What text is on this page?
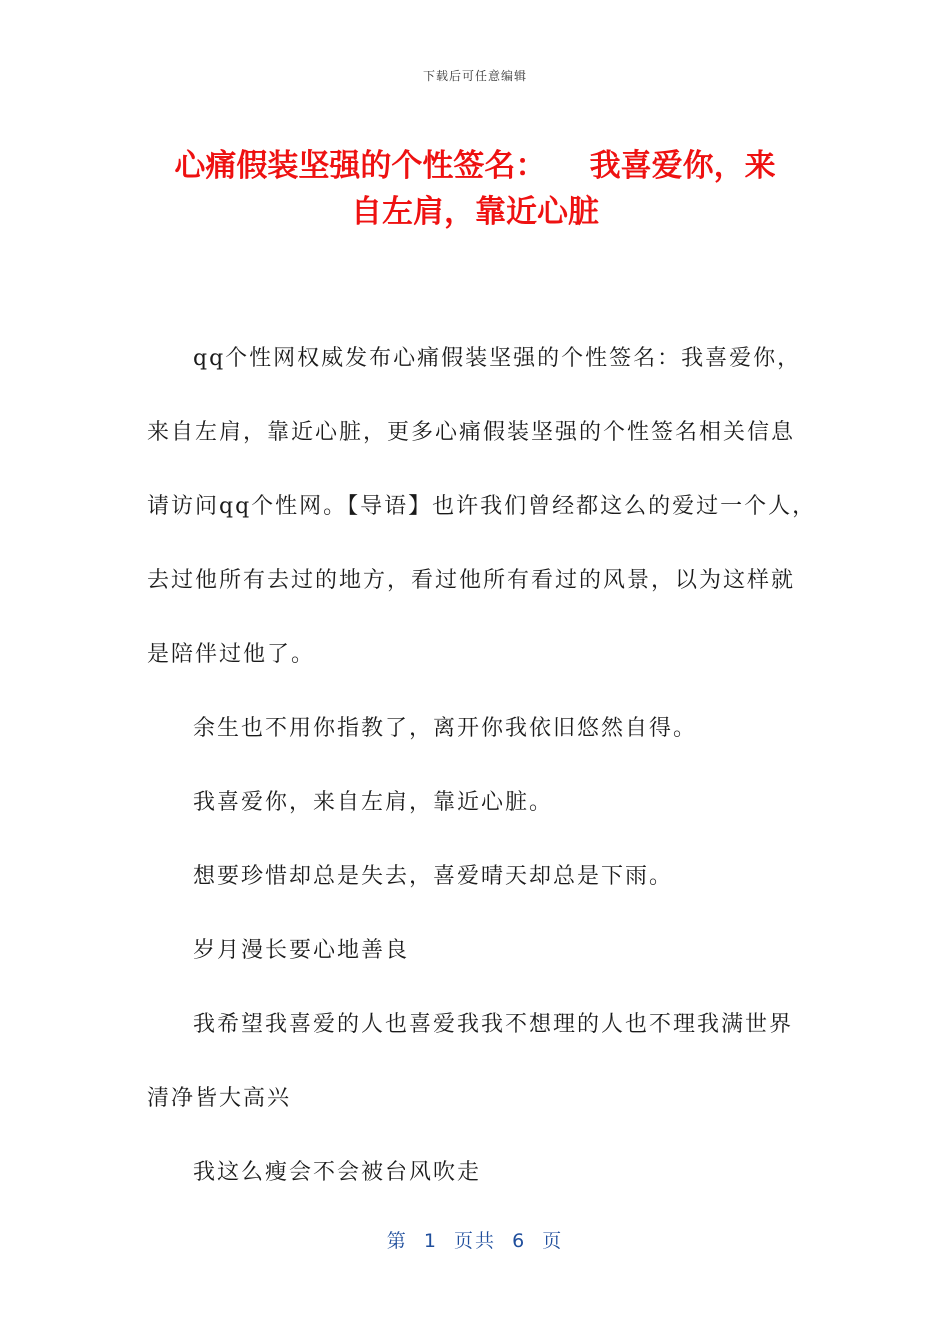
下载后可任意编辑
心痛假装坚强的个性签名：    我喜爱你，来
自左肩，靠近心脏

qq个性网权威发布心痛假装坚强的个性签名：我喜爱你，
来自左肩，靠近心脏，更多心痛假装坚强的个性签名相关信息
请访问qq个性网。【导语】也许我们曾经都这么的爱过一个人，
去过他所有去过的地方，看过他所有看过的风景，以为这样就
是陪伴过他了。

余生也不用你指教了，离开你我依旧悠然自得。

我喜爱你，来自左肩，靠近心脏。

想要珍惜却总是失去，喜爱晴天却总是下雨。

岁月漫长要心地善良

我希望我喜爱的人也喜爱我我不想理的人也不理我满世界
清净皆大高兴

我这么瘦会不会被台风吹走

第  1  页共  6  页
